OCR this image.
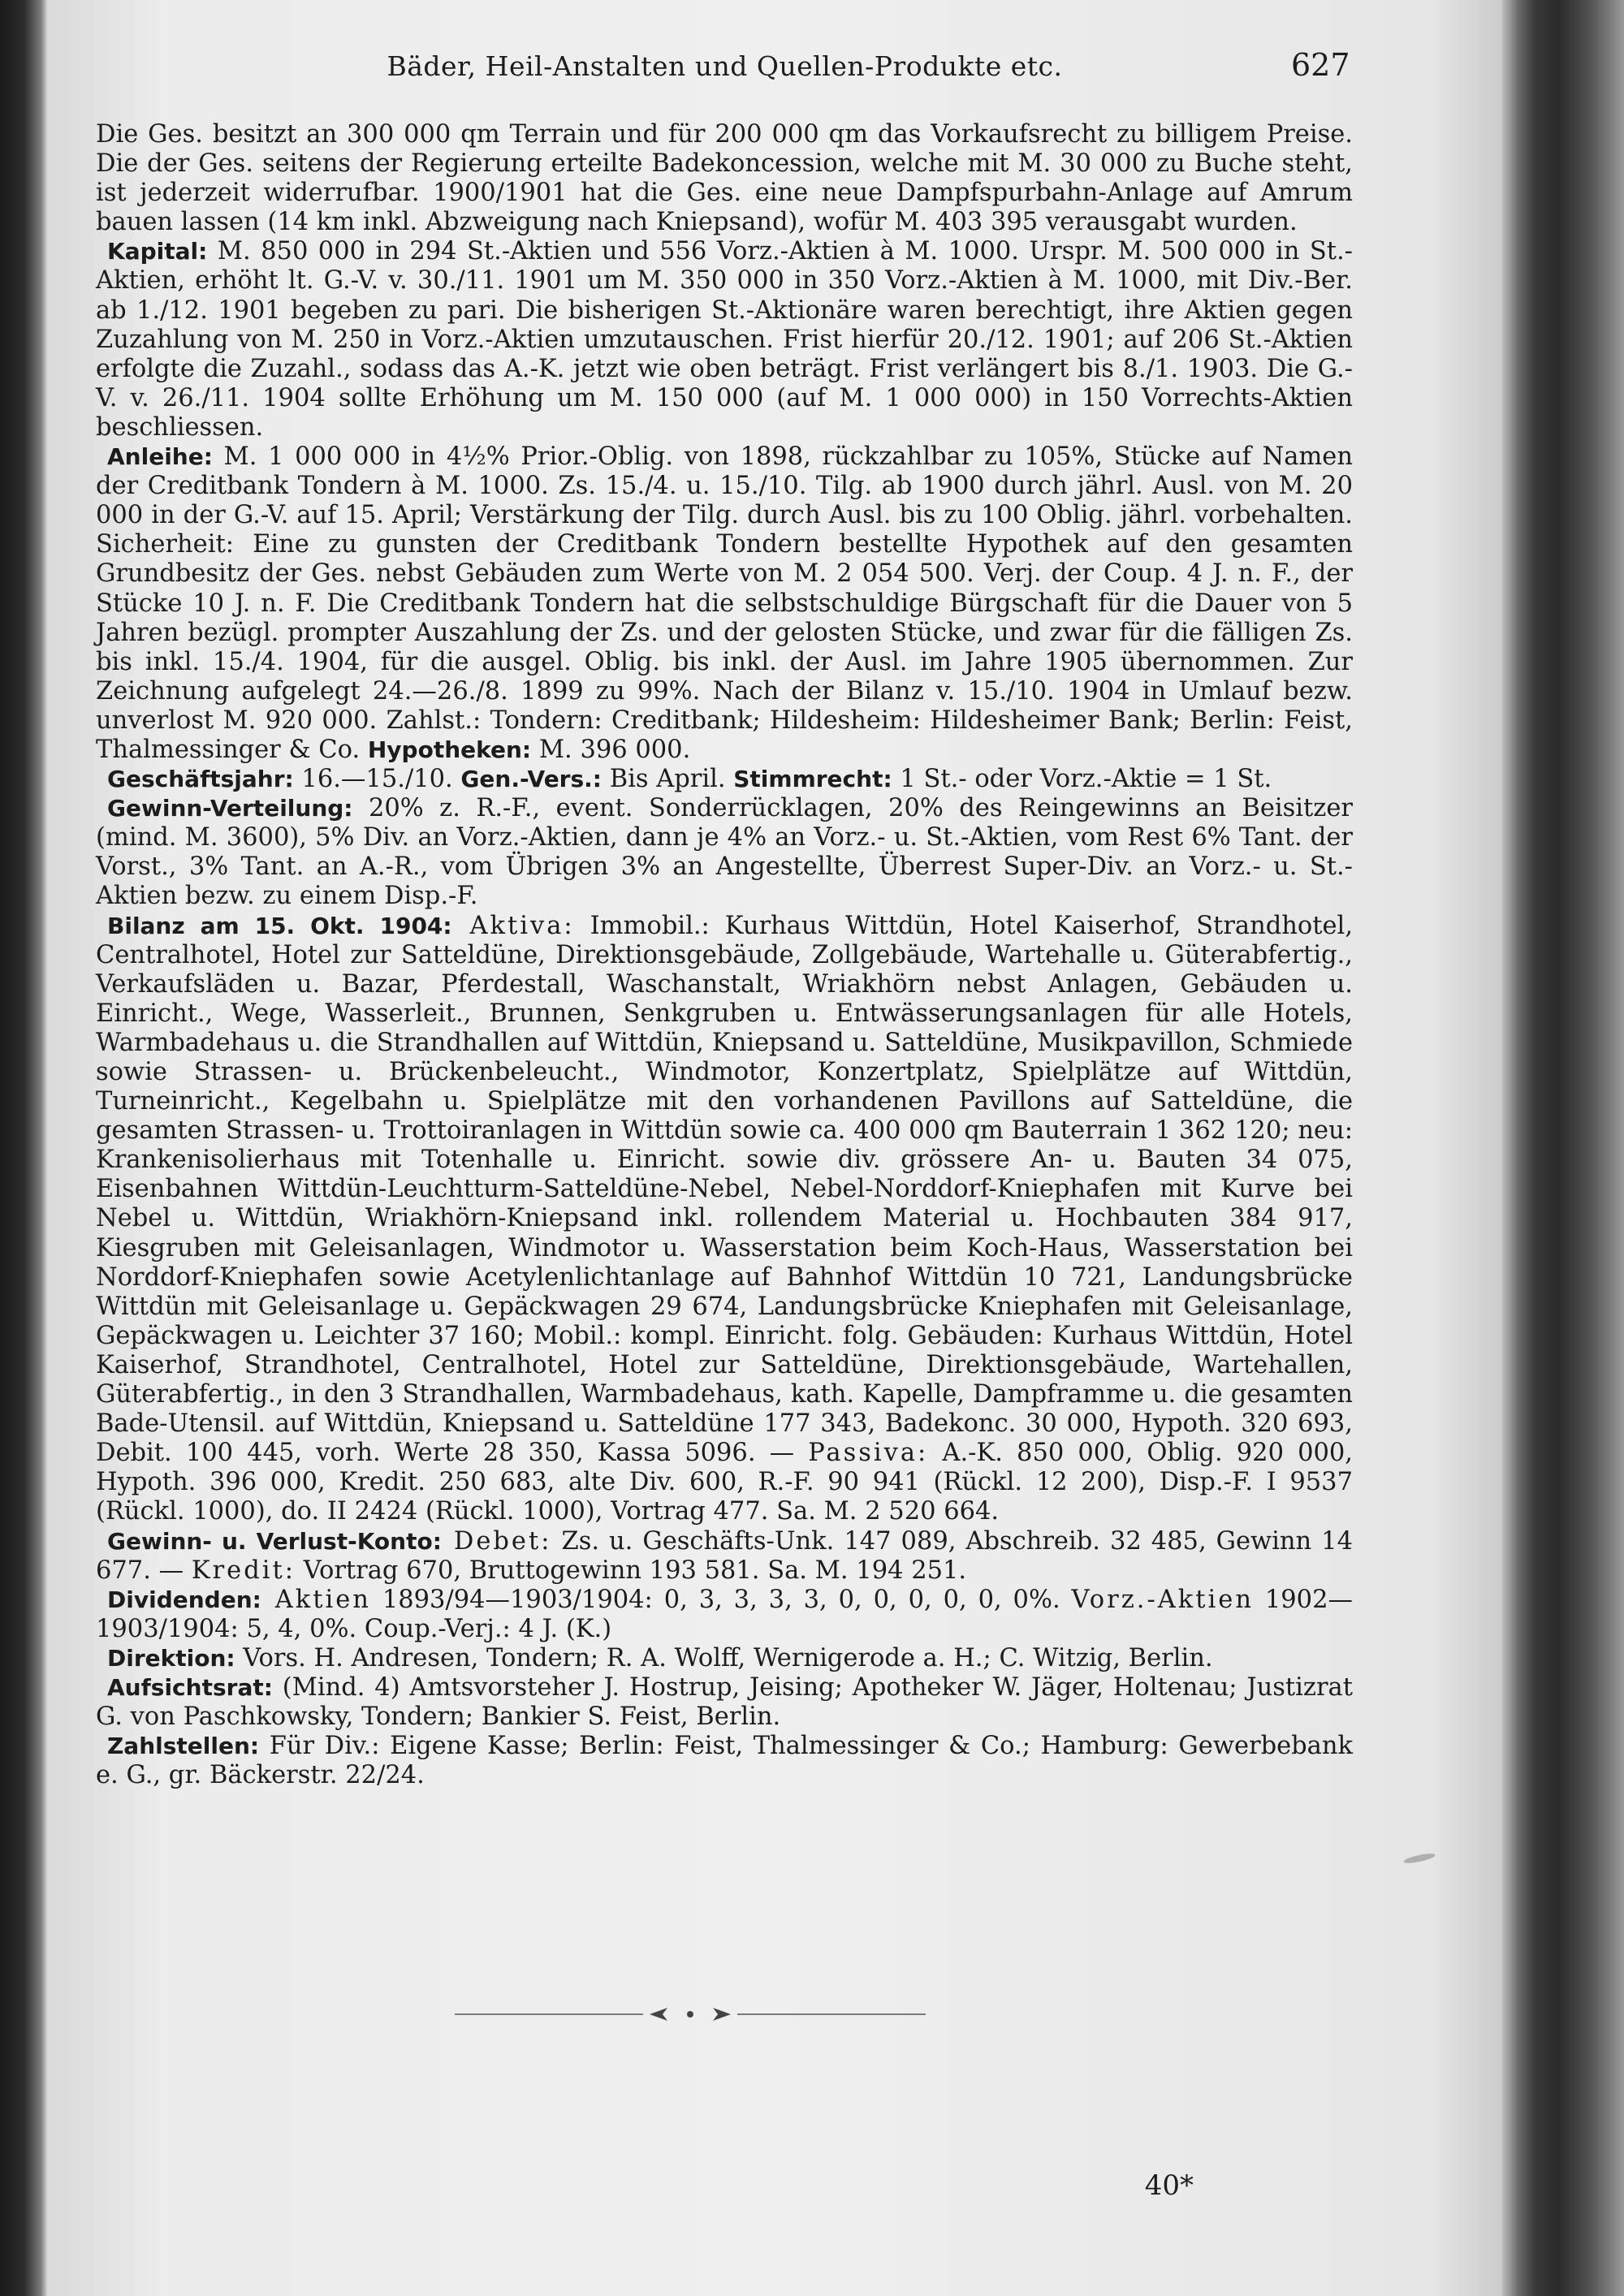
Bäder, Heil-Anstalten und Quellen-Produkte etc.	627

Die Ges. besitzt an 300 000 qm Terrain und für 200 000 qm das Vorkaufsrecht zu billigem Preise. Die der Ges. seitens der Regierung erteilte Badekoncession, welche mit M. 30 000 zu Buche steht, ist jederzeit widerrufbar. 1900/1901 hat die Ges. eine neue Dampfspurbahn-Anlage auf Amrum bauen lassen (14 km inkl. Abzweigung nach Kniepsand), wofür M. 403 395 verausgabt wurden.

Kapital: M. 850 000 in 294 St.-Aktien und 556 Vorz.-Aktien à M. 1000. Urspr. M. 500 000 in St.-Aktien, erhöht lt. G.-V. v. 30./11. 1901 um M. 350 000 in 350 Vorz.-Aktien à M. 1000, mit Div.-Ber. ab 1./12. 1901 begeben zu pari. Die bisherigen St.-Aktionäre waren berechtigt, ihre Aktien gegen Zuzahlung von M. 250 in Vorz.-Aktien umzutauschen. Frist hierfür 20./12. 1901; auf 206 St.-Aktien erfolgte die Zuzahl., sodass das A.-K. jetzt wie oben beträgt. Frist verlängert bis 8./1. 1903. Die G.-V. v. 26./11. 1904 sollte Erhöhung um M. 150 000 (auf M. 1 000 000) in 150 Vorrechts-Aktien beschliessen.

Anleihe: M. 1 000 000 in 4½% Prior.-Oblig. von 1898, rückzahlbar zu 105%, Stücke auf Namen der Creditbank Tondern à M. 1000. Zs. 15./4. u. 15./10. Tilg. ab 1900 durch jährl. Ausl. von M. 20 000 in der G.-V. auf 15. April; Verstärkung der Tilg. durch Ausl. bis zu 100 Oblig. jährl. vorbehalten. Sicherheit: Eine zu gunsten der Creditbank Tondern bestellte Hypothek auf den gesamten Grundbesitz der Ges. nebst Gebäuden zum Werte von M. 2 054 500. Verj. der Coup. 4 J. n. F., der Stücke 10 J. n. F. Die Creditbank Tondern hat die selbstschuldige Bürgschaft für die Dauer von 5 Jahren bezügl. prompter Auszahlung der Zs. und der gelosten Stücke, und zwar für die fälligen Zs. bis inkl. 15./4. 1904, für die ausgel. Oblig. bis inkl. der Ausl. im Jahre 1905 übernommen. Zur Zeichnung aufgelegt 24.—26./8. 1899 zu 99%. Nach der Bilanz v. 15./10. 1904 in Umlauf bezw. unverlost M. 920 000. Zahlst.: Tondern: Creditbank; Hildesheim: Hildesheimer Bank; Berlin: Feist, Thalmessinger & Co. Hypotheken: M. 396 000.

Geschäftsjahr: 16.—15./10. Gen.-Vers.: Bis April. Stimmrecht: 1 St.- oder Vorz.-Aktie = 1 St.

Gewinn-Verteilung: 20% z. R.-F., event. Sonderrücklagen, 20% des Reingewinns an Beisitzer (mind. M. 3600), 5% Div. an Vorz.-Aktien, dann je 4% an Vorz.- u. St.-Aktien, vom Rest 6% Tant. der Vorst., 3% Tant. an A.-R., vom Übrigen 3% an Angestellte, Überrest Super-Div. an Vorz.- u. St.-Aktien bezw. zu einem Disp.-F.

Bilanz am 15. Okt. 1904: Aktiva: Immobil.: Kurhaus Wittdün, Hotel Kaiserhof, Strandhotel, Centralhotel, Hotel zur Satteldüne, Direktionsgebäude, Zollgebäude, Wartehalle u. Güterabfertig., Verkaufsläden u. Bazar, Pferdestall, Waschanstalt, Wriakhörn nebst Anlagen, Gebäuden u. Einricht., Wege, Wasserleit., Brunnen, Senkgruben u. Entwässerungsanlagen für alle Hotels, Warmbadehaus u. die Strandhallen auf Wittdün, Kniepsand u. Satteldüne, Musikpavillon, Schmiede sowie Strassen- u. Brückenbeleucht., Windmotor, Konzertplatz, Spielplätze auf Wittdün, Turneinricht., Kegelbahn u. Spielplätze mit den vorhandenen Pavillons auf Satteldüne, die gesamten Strassen- u. Trottoiranlagen in Wittdün sowie ca. 400 000 qm Bauterrain 1 362 120; neu: Krankenisolierhaus mit Totenhalle u. Einricht. sowie div. grössere An- u. Bauten 34 075, Eisenbahnen Wittdün-Leuchtturm-Satteldüne-Nebel, Nebel-Norddorf-Kniephafen mit Kurve bei Nebel u. Wittdün, Wriakhörn-Kniepsand inkl. rollendem Material u. Hochbauten 384 917, Kiesgruben mit Geleisanlagen, Windmotor u. Wasserstation beim Koch-Haus, Wasserstation bei Norddorf-Kniephafen sowie Acetylenlichtanlage auf Bahnhof Wittdün 10 721, Landungsbrücke Wittdün mit Geleisanlage u. Gepäckwagen 29 674, Landungsbrücke Kniephafen mit Geleisanlage, Gepäckwagen u. Leichter 37 160; Mobil.: kompl. Einricht. folg. Gebäuden: Kurhaus Wittdün, Hotel Kaiserhof, Strandhotel, Centralhotel, Hotel zur Satteldüne, Direktionsgebäude, Wartehallen, Güterabfertig., in den 3 Strandhallen, Warmbadehaus, kath. Kapelle, Dampframme u. die gesamten Bade-Utensil. auf Wittdün, Kniepsand u. Satteldüne 177 343, Badekonc. 30 000, Hypoth. 320 693, Debit. 100 445, vorh. Werte 28 350, Kassa 5096. — Passiva: A.-K. 850 000, Oblig. 920 000, Hypoth. 396 000, Kredit. 250 683, alte Div. 600, R.-F. 90 941 (Rückl. 12 200), Disp.-F. I 9537 (Rückl. 1000), do. II 2424 (Rückl. 1000), Vortrag 477. Sa. M. 2 520 664.

Gewinn- u. Verlust-Konto: Debet: Zs. u. Geschäfts-Unk. 147 089, Abschreib. 32 485, Gewinn 14 677. — Kredit: Vortrag 670, Bruttogewinn 193 581. Sa. M. 194 251.

Dividenden: Aktien 1893/94—1903/1904: 0, 3, 3, 3, 3, 0, 0, 0, 0, 0, 0%. Vorz.-Aktien 1902—1903/1904: 5, 4, 0%. Coup.-Verj.: 4 J. (K.)

Direktion: Vors. H. Andresen, Tondern; R. A. Wolff, Wernigerode a. H.; C. Witzig, Berlin.

Aufsichtsrat: (Mind. 4) Amtsvorsteher J. Hostrup, Jeising; Apotheker W. Jäger, Holtenau; Justizrat G. von Paschkowsky, Tondern; Bankier S. Feist, Berlin.

Zahlstellen: Für Div.: Eigene Kasse; Berlin: Feist, Thalmessinger & Co.; Hamburg: Gewerbebank e. G., gr. Bäckerstr. 22/24.

40*
